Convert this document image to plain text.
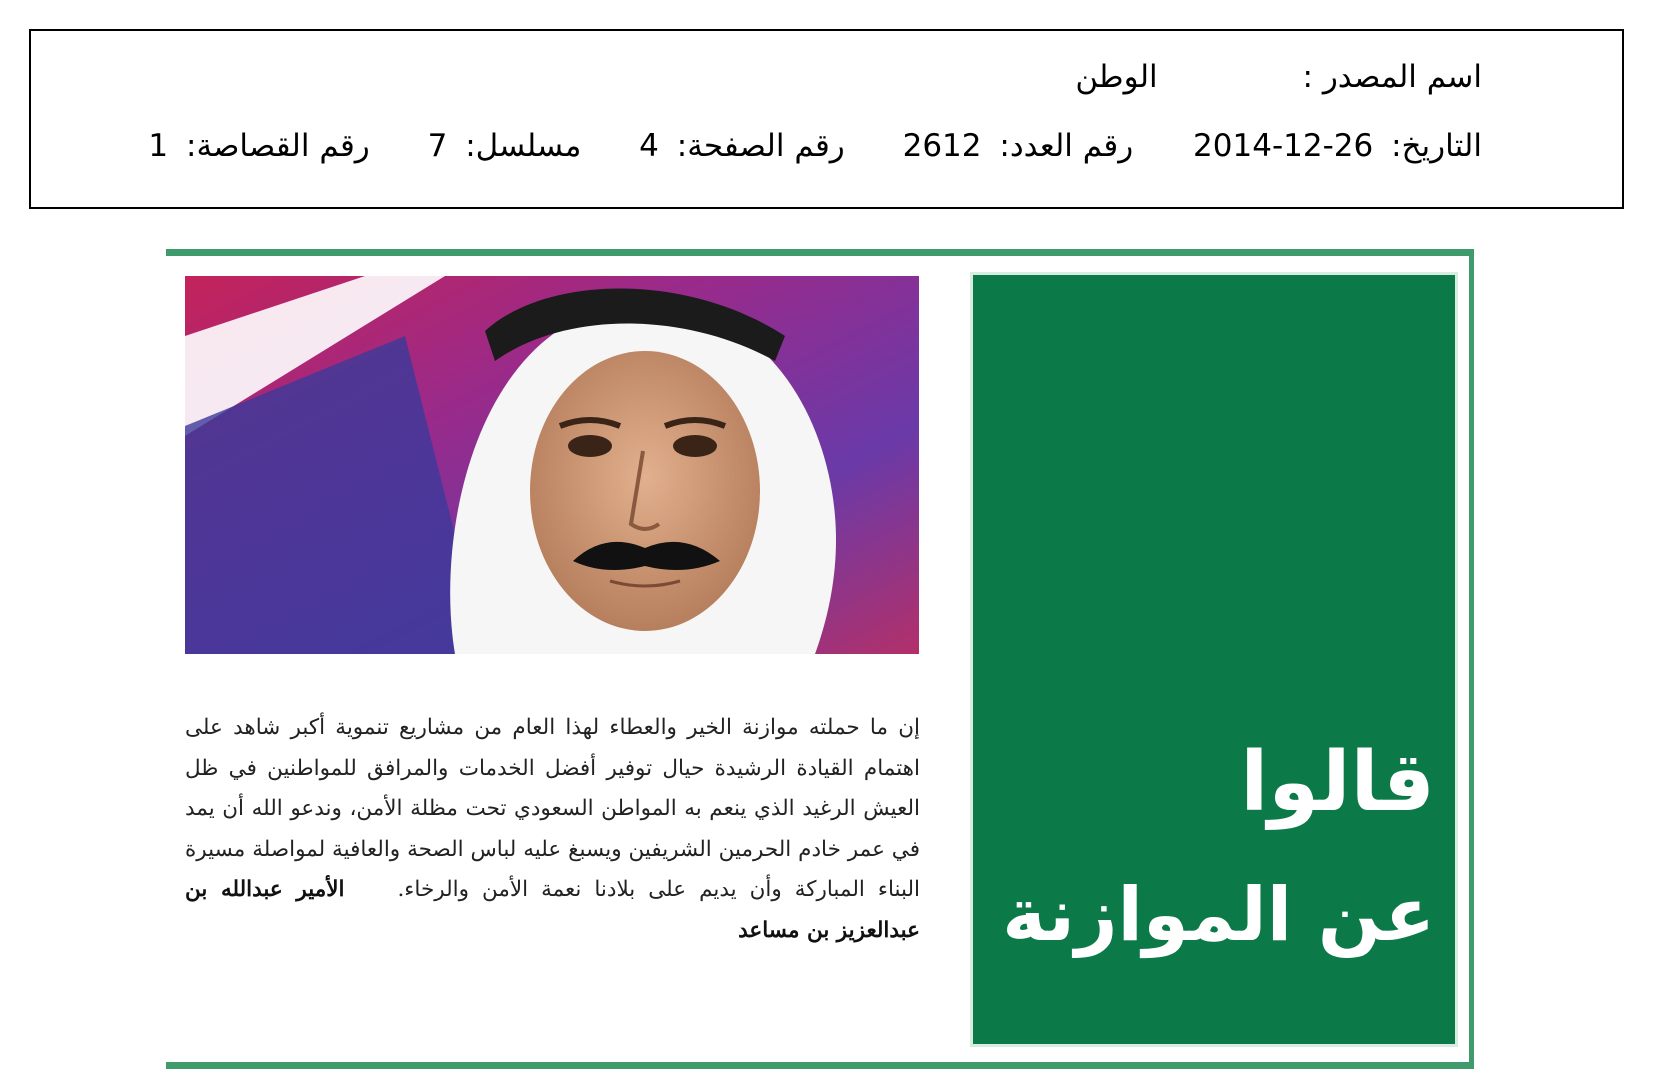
اسم المصدر : الوطن
التاريخ: 2014-12-26 رقم العدد: 2612 رقم الصفحة: 4 مسلسل: 7 رقم القصاصة: 1
قالوا
عن الموازنة

إن ما حملته موازنة الخير والعطاء لهذا العام من مشاريع تنموية أكبر شاهد على اهتمام القيادة الرشيدة حيال توفير أفضل الخدمات والمرافق للمواطنين في ظل العيش الرغيد الذي ينعم به المواطن السعودي تحت مظلة الأمن، وندعو الله أن يمد في عمر خادم الحرمين الشريفين ويسبغ عليه لباس الصحة والعافية لمواصلة مسيرة البناء المباركة وأن يديم على بلادنا نعمة الأمن والرخاء. الأمير عبدالله بن عبدالعزيز بن مساعد
